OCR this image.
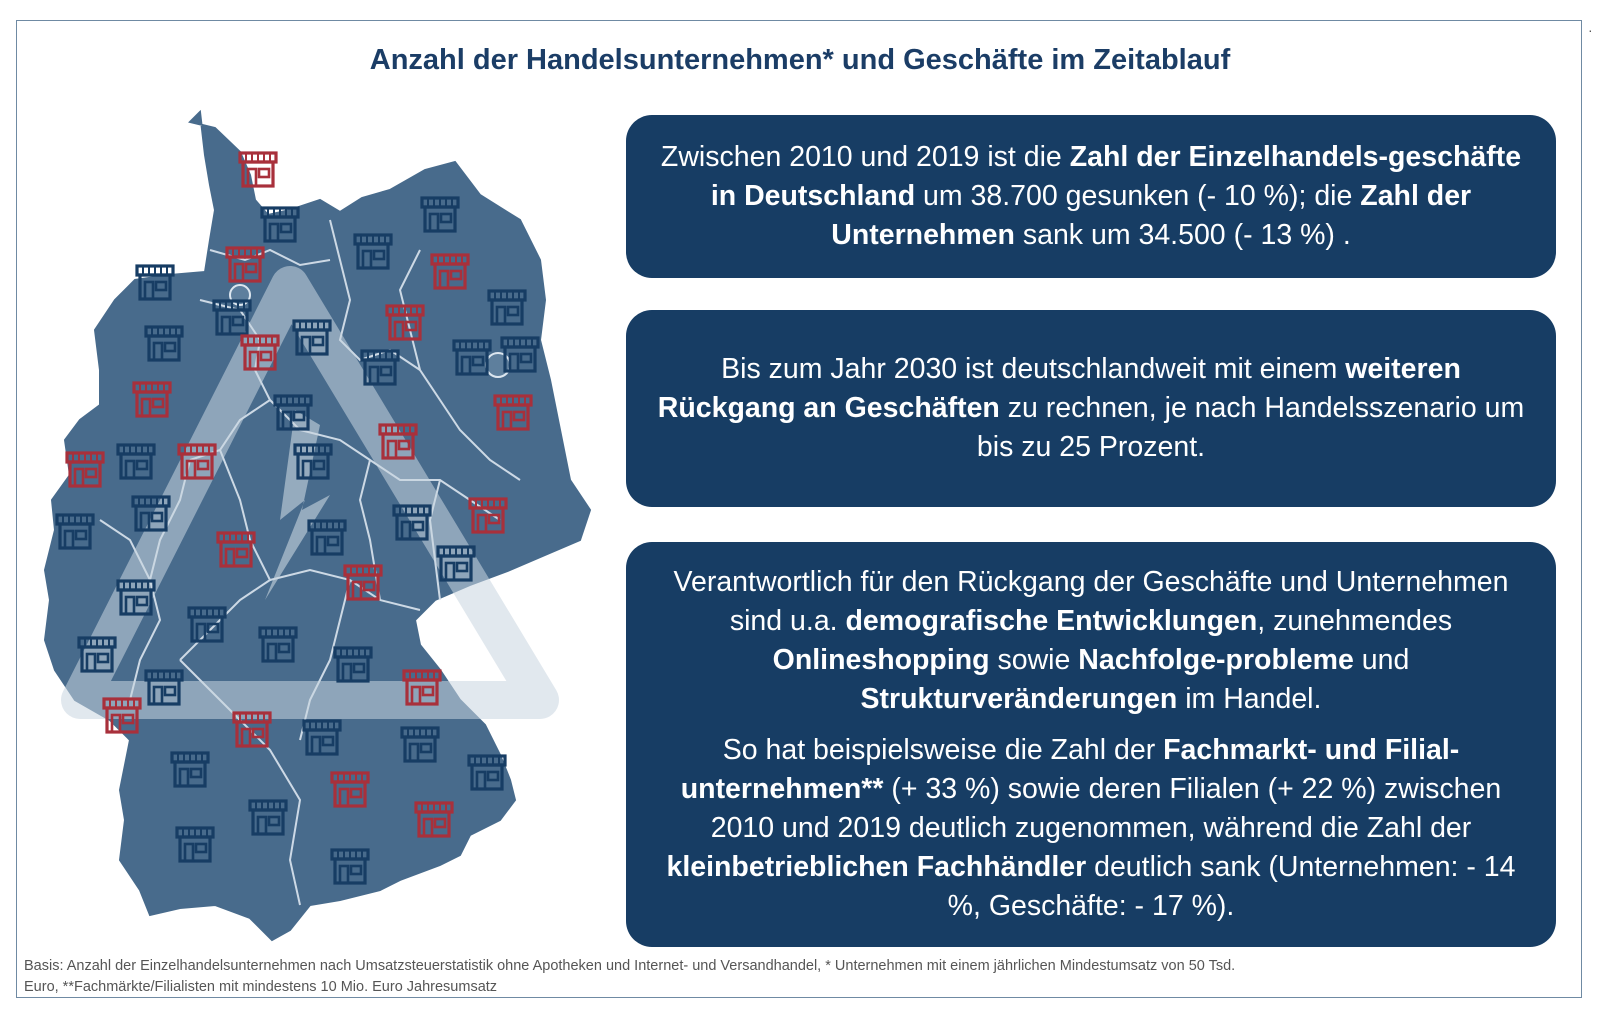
·
Anzahl der Handelsunternehmen* und Geschäfte im Zeitablauf

Zwischen 2010 und 2019 ist die Zahl der Einzelhandels-geschäfte in Deutschland um 38.700 gesunken (- 10 %); die Zahl der Unternehmen sank um 34.500 (- 13 %) .

Bis zum Jahr 2030 ist deutschlandweit mit einem weiteren Rückgang an Geschäften zu rechnen, je nach Handelsszenario um bis zu 25 Prozent.

Verantwortlich für den Rückgang der Geschäfte und Unternehmen sind u.a. demografische Entwicklungen, zunehmendes Onlineshopping sowie Nachfolge-probleme und Strukturveränderungen im Handel.

So hat beispielsweise die Zahl der Fachmarkt- und Filial-unternehmen** (+ 33 %) sowie deren Filialen (+ 22 %) zwischen 2010 und 2019 deutlich zugenommen, während die Zahl der kleinbetrieblichen Fachhändler deutlich sank (Unternehmen: - 14 %, Geschäfte: - 17 %).

Basis: Anzahl der Einzelhandelsunternehmen nach Umsatzsteuerstatistik ohne Apotheken und Internet- und Versandhandel, * Unternehmen mit einem jährlichen Mindestumsatz von 50 Tsd.
Euro, **Fachmärkte/Filialisten mit mindestens 10 Mio. Euro Jahresumsatz
